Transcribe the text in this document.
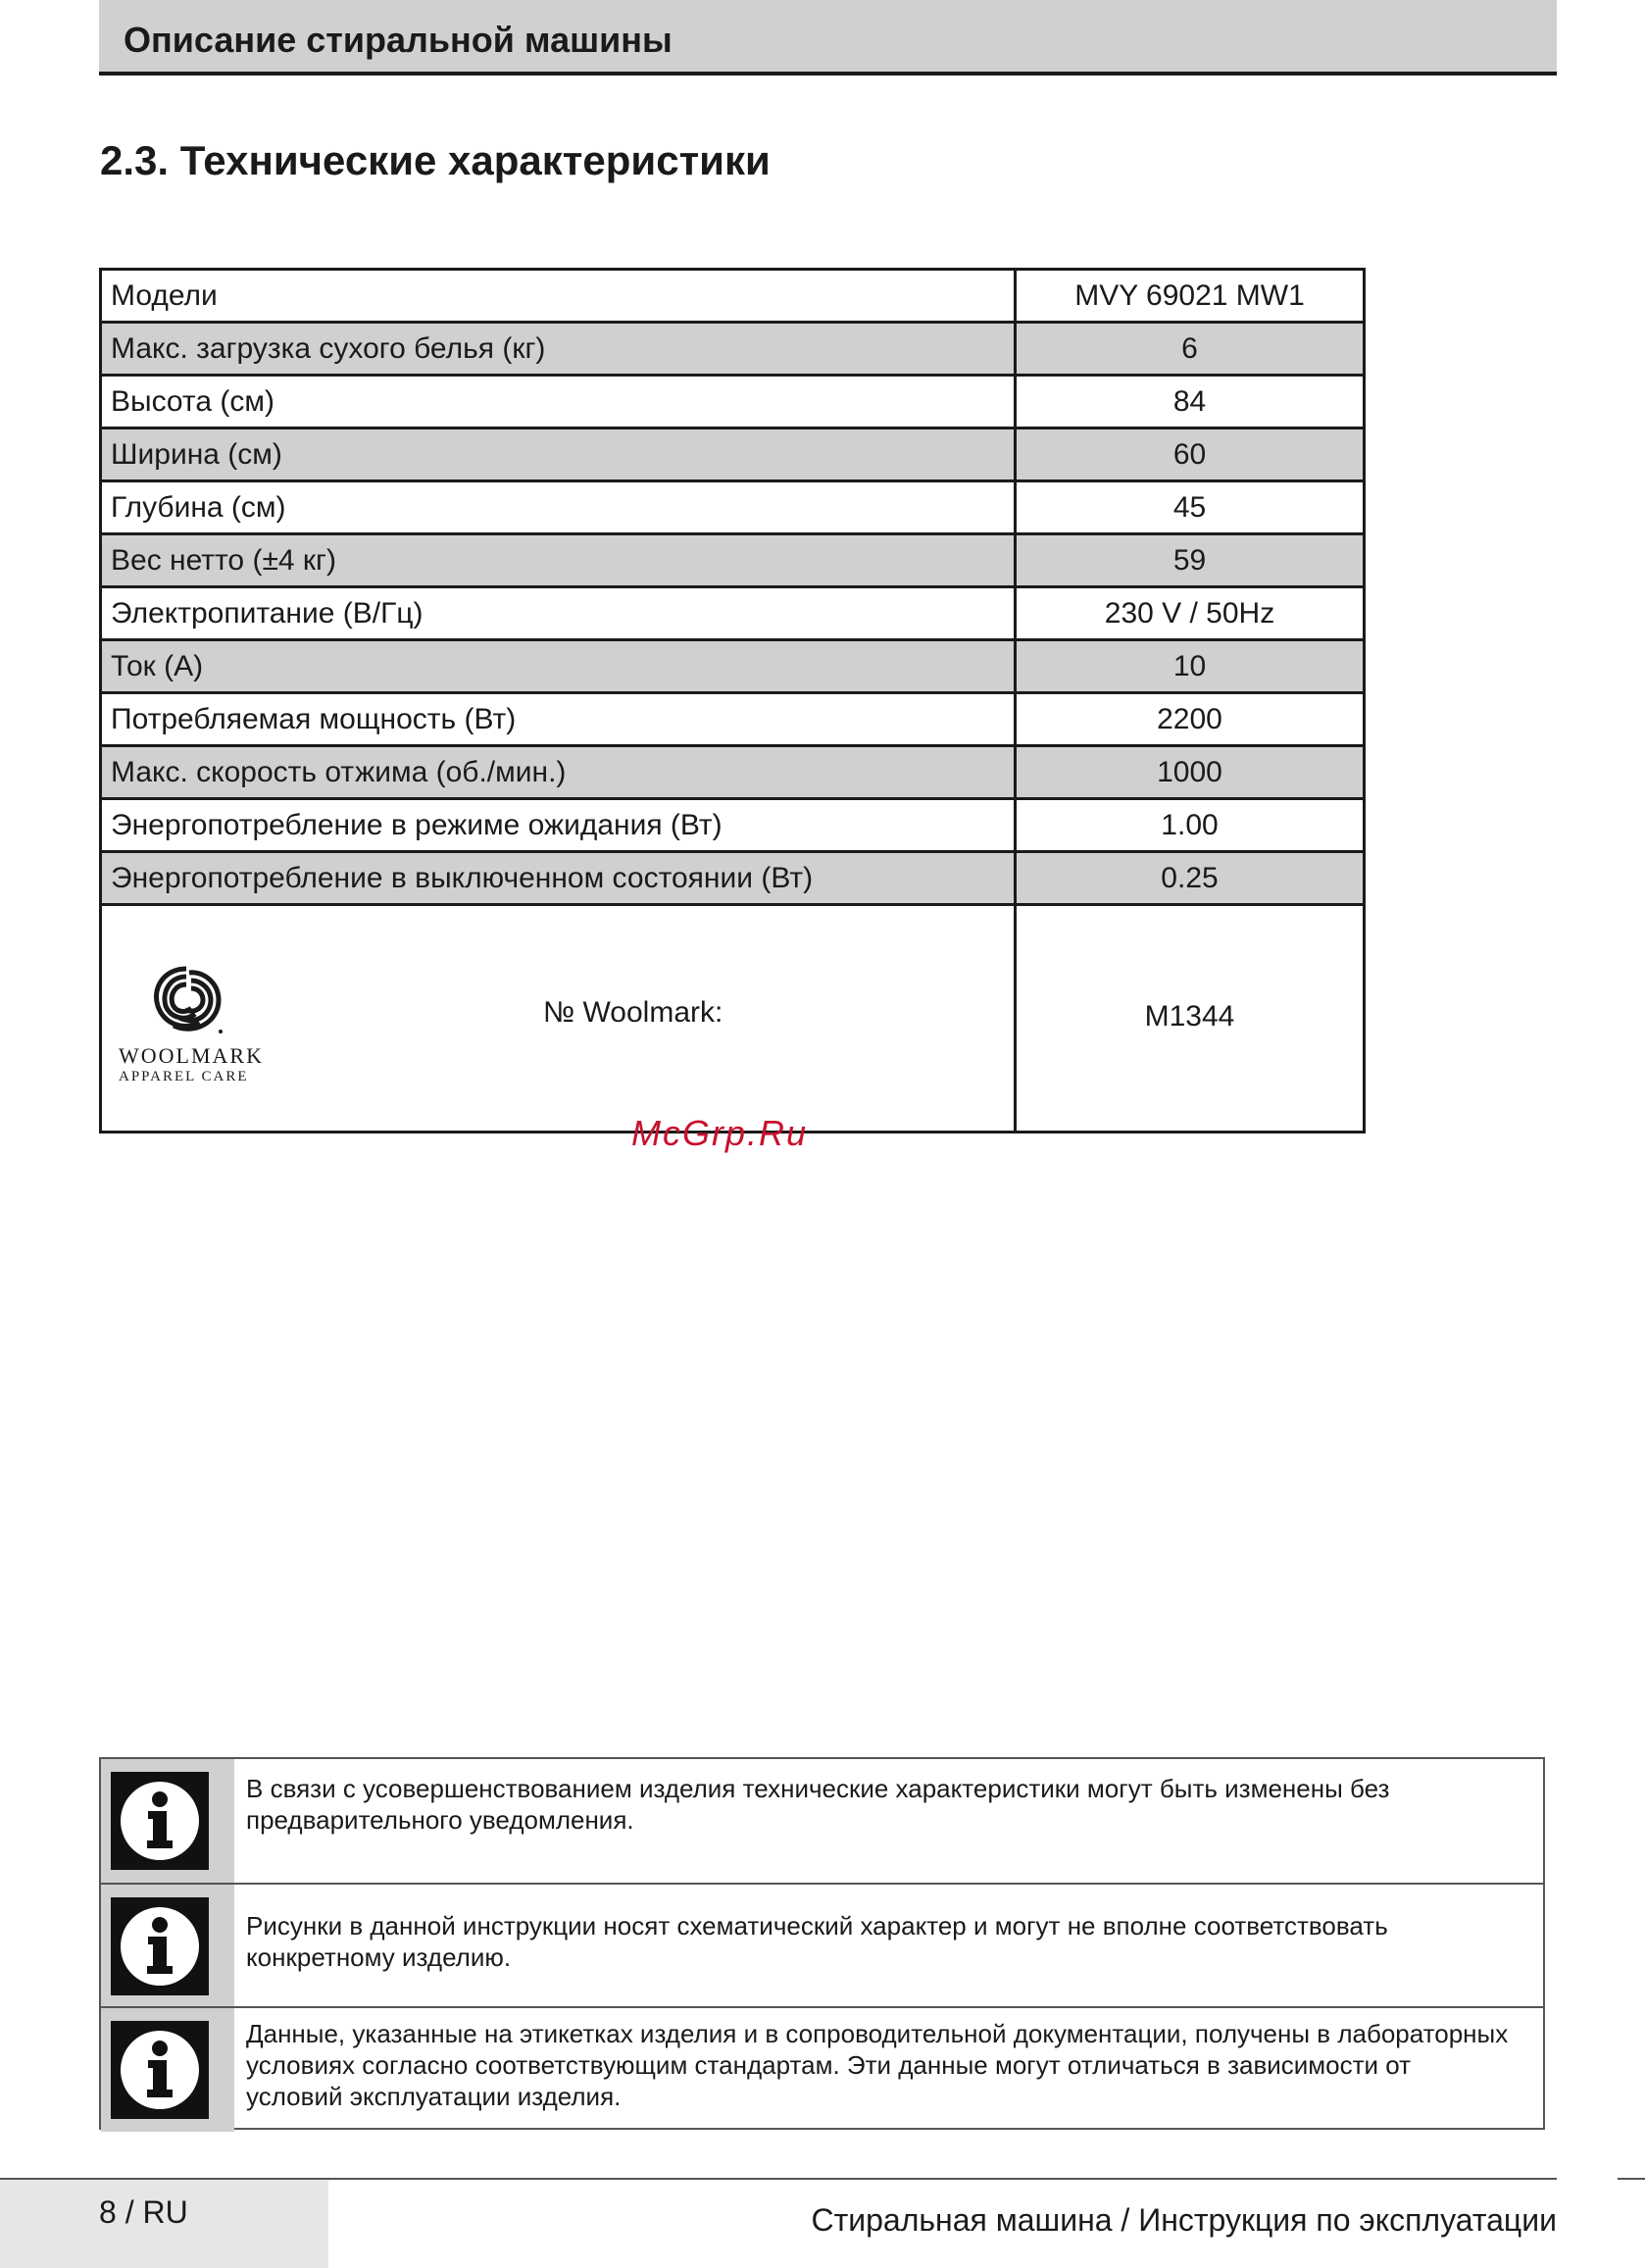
Описание стиральной машины
2.3. Технические характеристики
Модели	MVY 69021 MW1
Макс. загрузка сухого белья (кг)	6
Высота (см)	84
Ширина (см)	60
Глубина (см)	45
Вес нетто (±4 кг)	59
Электропитание (В/Гц)	230 V / 50Hz
Ток (А)	10
Потребляемая мощность (Вт)	2200
Макс. скорость отжима (об./мин.)	1000
Энергопотребление в режиме ожидания (Вт)	1.00
Энергопотребление в выключенном состоянии (Вт)	0.25

WOOLMARK
APPAREL CARE
№ Woolmark:	M1344
McGrp.Ru
В связи с усовершенствованием изделия технические характеристики могут быть изменены без предварительного уведомления.
Рисунки в данной инструкции носят схематический характер и могут не вполне соответствовать конкретному изделию.
Данные, указанные на этикетках изделия и в сопроводительной документации, получены в лабораторных условиях согласно соответствующим стандартам. Эти данные могут отличаться в зависимости от условий эксплуатации изделия.
8 / RU	Стиральная машина / Инструкция по эксплуатации
